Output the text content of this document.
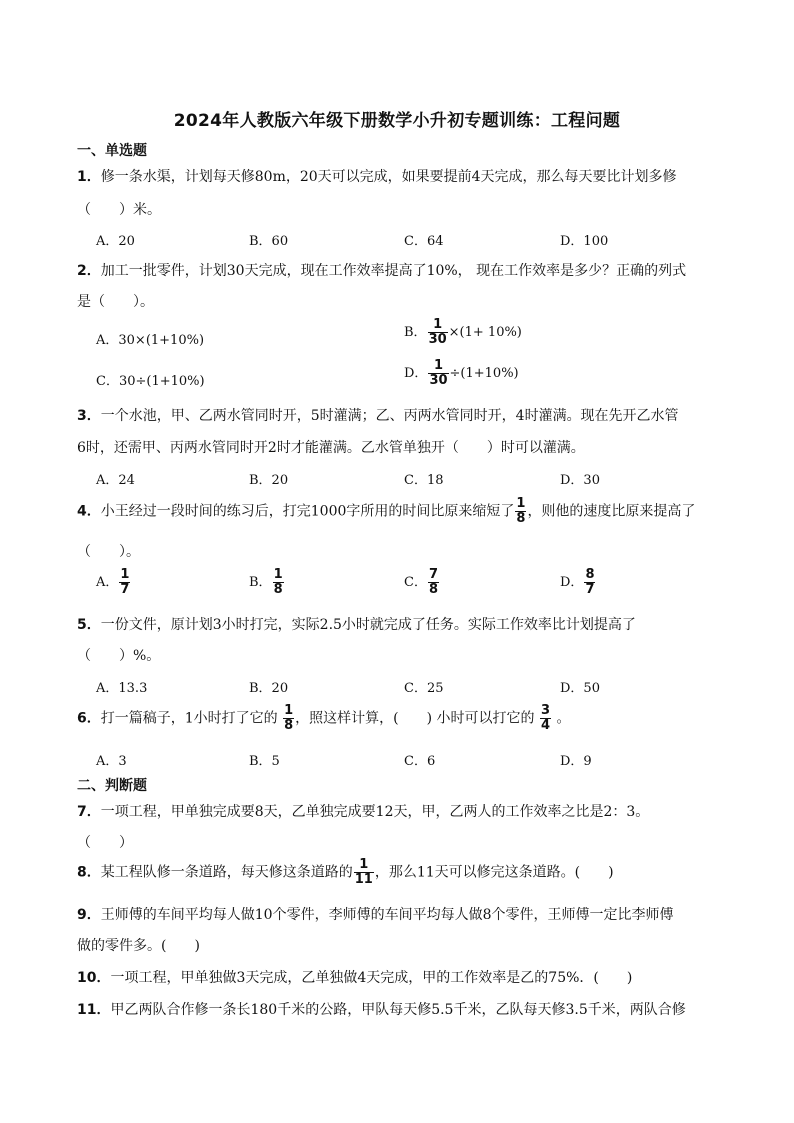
2024年人教版六年级下册数学小升初专题训练：工程问题
一、单选题
1．修一条水渠，计划每天修80m，20天可以完成，如果要提前4天完成，那么每天要比计划多修
（　　）米。
A．20	B．60	C．64	D．100
2．加工一批零件，计划30天完成，现在工作效率提高了10%， 现在工作效率是多少？正确的列式
是（　　）。
A．30×(1+10%)
B． $\frac{1}{30} \times(1+ 10\%)$
C．30÷(1+10%)
D． $\frac{1}{30} \div(1+10\%)$
3．一个水池，甲、乙两水管同时开，5时灌满；乙、丙两水管同时开，4时灌满。现在先开乙水管
6时，还需甲、丙两水管同时开2时才能灌满。乙水管单独开（　　）时可以灌满。
A．24	B．20	C．18	D．30
4．小王经过一段时间的练习后，打完1000字所用的时间比原来缩短了 $\frac{1}{8}$ ，则他的速度比原来提高了
（　　）。
A． $\frac{1}{7}$	B． $\frac{1}{8}$	C． $\frac{7}{8}$	D． $\frac{8}{7}$
5．一份文件，原计划3小时打完，实际2.5小时就完成了任务。实际工作效率比计划提高了
（　　）%。
A．13.3	B．20	C．25	D．50
6．打一篇稿子，1小时打了它的 $\frac{1}{8}$ ，照这样计算，(　　) 小时可以打它的 $\frac{3}{4}$ 。
A．3	B．5	C．6	D．9
二、判断题
7．一项工程，甲单独完成要8天，乙单独完成要12天，甲，乙两人的工作效率之比是2：3。
（　　）
8．某工程队修一条道路，每天修这条道路的 $\frac{1}{11}$ ，那么11天可以修完这条道路。(　　)
9．王师傅的车间平均每人做10个零件，李师傅的车间平均每人做8个零件，王师傅一定比李师傅
做的零件多。(　　)
10．一项工程，甲单独做3天完成，乙单独做4天完成，甲的工作效率是乙的75%．(　　)
11．甲乙两队合作修一条长180千米的公路，甲队每天修5.5千米，乙队每天修3.5千米，两队合修
